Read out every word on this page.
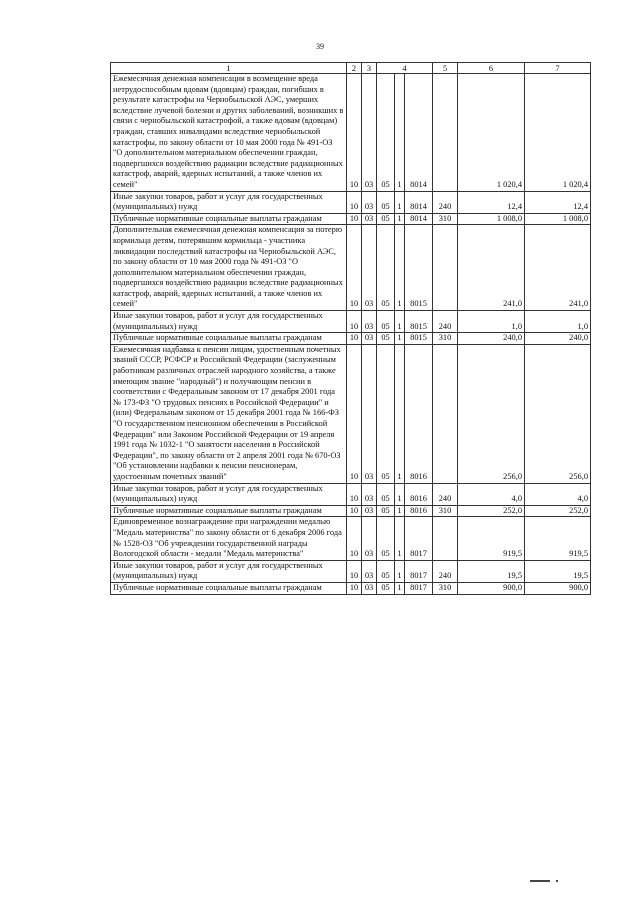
39
1	2	3	4			5	6	7
Ежемесячная денежная компенсация в возмещение вреда нетрудоспособным вдовам (вдовцам) граждан, погибших в результате катастрофы на Чернобыльской АЭС, умерших вследствие лучевой болезни и других заболеваний, возникших в связи с чернобыльской катастрофой, а также вдовам (вдовцам) граждан, ставших инвалидами вследствие чернобыльской катастрофы, по закону области от 10 мая 2000 года № 491-ОЗ "О дополнительном материальном обеспечении граждан, подвергшихся воздействию радиации вследствие радиационных катастроф, аварий, ядерных испытаний, а также членов их семей"	10	03	05	1	8014		1 020,4	1 020,4
Иные закупки товаров, работ и услуг для государственных (муниципальных) нужд	10	03	05	1	8014	240	12,4	12,4
Публичные нормативные социальные выплаты гражданам	10	03	05	1	8014	310	1 008,0	1 008,0
Дополнительная ежемесячная денежная компенсация за потерю кормильца детям, потерявшим кормильца - участника ликвидации последствий катастрофы на Чернобыльской АЭС, по закону области от 10 мая 2000 года № 491-ОЗ "О дополнительном материальном обеспечении граждан, подвергшихся воздействию радиации вследствие радиационных катастроф, аварий, ядерных испытаний, а также членов их семей"	10	03	05	1	8015		241,0	241,0
Иные закупки товаров, работ и услуг для государственных (муниципальных) нужд	10	03	05	1	8015	240	1,0	1,0
Публичные нормативные социальные выплаты гражданам	10	03	05	1	8015	310	240,0	240,0
Ежемесячная надбавка к пенсии лицам, удостоенным почетных званий СССР, РСФСР и Российской Федерации (заслуженным работникам различных отраслей народного хозяйства, а также имеющим звание "народный") и получающим пенсии в соответствии с Федеральным законом от 17 декабря 2001 года № 173-ФЗ "О трудовых пенсиях в Российской Федерации" и (или) Федеральным законом от 15 декабря 2001 года № 166-ФЗ "О государственном пенсионном обеспечении в Российской Федерации" или Законом Российской Федерации от 19 апреля 1991 года № 1032-1 "О занятости населения в Российской Федерации", по закону области от 2 апреля 2001 года № 670-ОЗ "Об установлении надбавки к пенсии пенсионерам, удостоенным почетных званий"	10	03	05	1	8016		256,0	256,0
Иные закупки товаров, работ и услуг для государственных (муниципальных) нужд	10	03	05	1	8016	240	4,0	4,0
Публичные нормативные социальные выплаты гражданам	10	03	05	1	8016	310	252,0	252,0
Единовременное вознаграждение при награждении медалью "Медаль материнства" по закону области от 6 декабря 2006 года № 1528-ОЗ "Об учреждении государственной награды Вологодской области - медали "Медаль материнства"	10	03	05	1	8017		919,5	919,5
Иные закупки товаров, работ и услуг для государственных (муниципальных) нужд	10	03	05	1	8017	240	19,5	19,5
Публичные нормативные социальные выплаты гражданам	10	03	05	1	8017	310	900,0	900,0
